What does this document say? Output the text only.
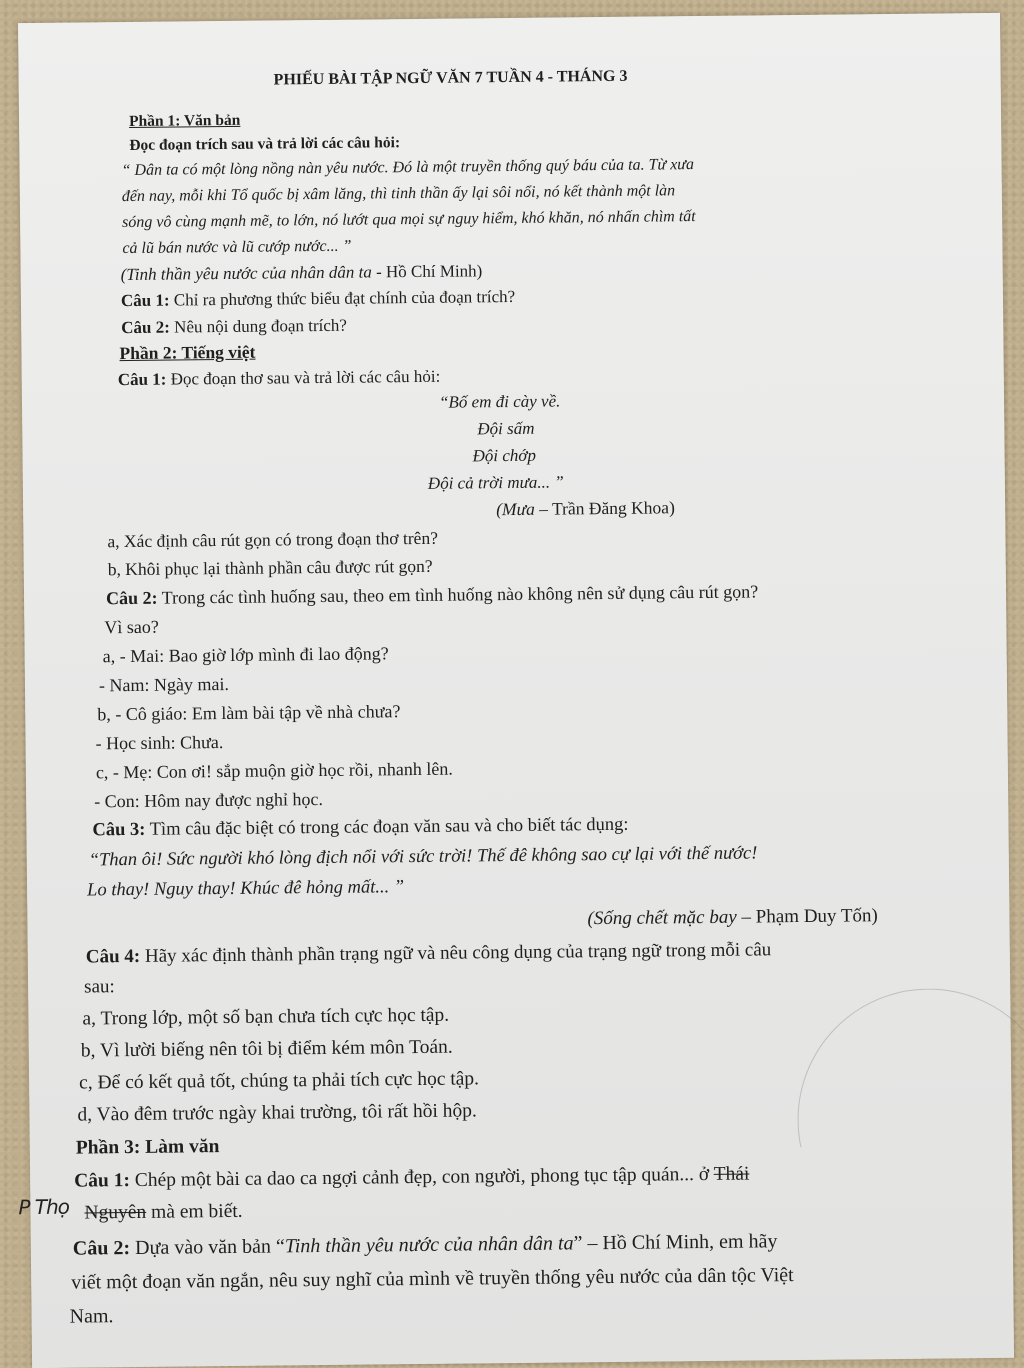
PHIẾU BÀI TẬP NGỮ VĂN 7 TUẦN 4 - THÁNG 3
Phần 1: Văn bản
Đọc đoạn trích sau và trả lời các câu hỏi:
“ Dân ta có một lòng nồng nàn yêu nước. Đó là một truyền thống quý báu của ta. Từ xưa
đến nay, mỗi khi Tổ quốc bị xâm lăng, thì tinh thần ấy lại sôi nổi, nó kết thành một làn
sóng vô cùng mạnh mẽ, to lớn, nó lướt qua mọi sự nguy hiểm, khó khăn, nó nhấn chìm tất
cả lũ bán nước và lũ cướp nước... ”
(Tinh thần yêu nước của nhân dân ta - Hồ Chí Minh)
Câu 1: Chỉ ra phương thức biểu đạt chính của đoạn trích?
Câu 2: Nêu nội dung đoạn trích?
Phần 2: Tiếng việt
Câu 1: Đọc đoạn thơ sau và trả lời các câu hỏi:
“Bố em đi cày về.
Đội sấm
Đội chớp
Đội cả trời mưa... ”
(Mưa – Trần Đăng Khoa)
a, Xác định câu rút gọn có trong đoạn thơ trên?
b, Khôi phục lại thành phần câu được rút gọn?
Câu 2: Trong các tình huống sau, theo em tình huống nào không nên sử dụng câu rút gọn?
Vì sao?
a, - Mai: Bao giờ lớp mình đi lao động?
- Nam: Ngày mai.
b, - Cô giáo: Em làm bài tập về nhà chưa?
- Học sinh: Chưa.
c, - Mẹ: Con ơi! sắp muộn giờ học rồi, nhanh lên.
- Con: Hôm nay được nghỉ học.
Câu 3: Tìm câu đặc biệt có trong các đoạn văn sau và cho biết tác dụng:
“Than ôi! Sức người khó lòng địch nổi với sức trời! Thế đê không sao cự lại với thế nước!
Lo thay! Nguy thay! Khúc đê hỏng mất... ”
(Sống chết mặc bay – Phạm Duy Tốn)
Câu 4: Hãy xác định thành phần trạng ngữ và nêu công dụng của trạng ngữ trong mỗi câu
sau:
a, Trong lớp, một số bạn chưa tích cực học tập.
b, Vì lười biếng nên tôi bị điểm kém môn Toán.
c, Để có kết quả tốt, chúng ta phải tích cực học tập.
d, Vào đêm trước ngày khai trường, tôi rất hồi hộp.
Phần 3: Làm văn
Câu 1: Chép một bài ca dao ca ngợi cảnh đẹp, con người, phong tục tập quán... ở Thái
Nguyên mà em biết.
P Thọ
Câu 2: Dựa vào văn bản “Tinh thần yêu nước của nhân dân ta” – Hồ Chí Minh, em hãy
viết một đoạn văn ngắn, nêu suy nghĩ của mình về truyền thống yêu nước của dân tộc Việt
Nam.
